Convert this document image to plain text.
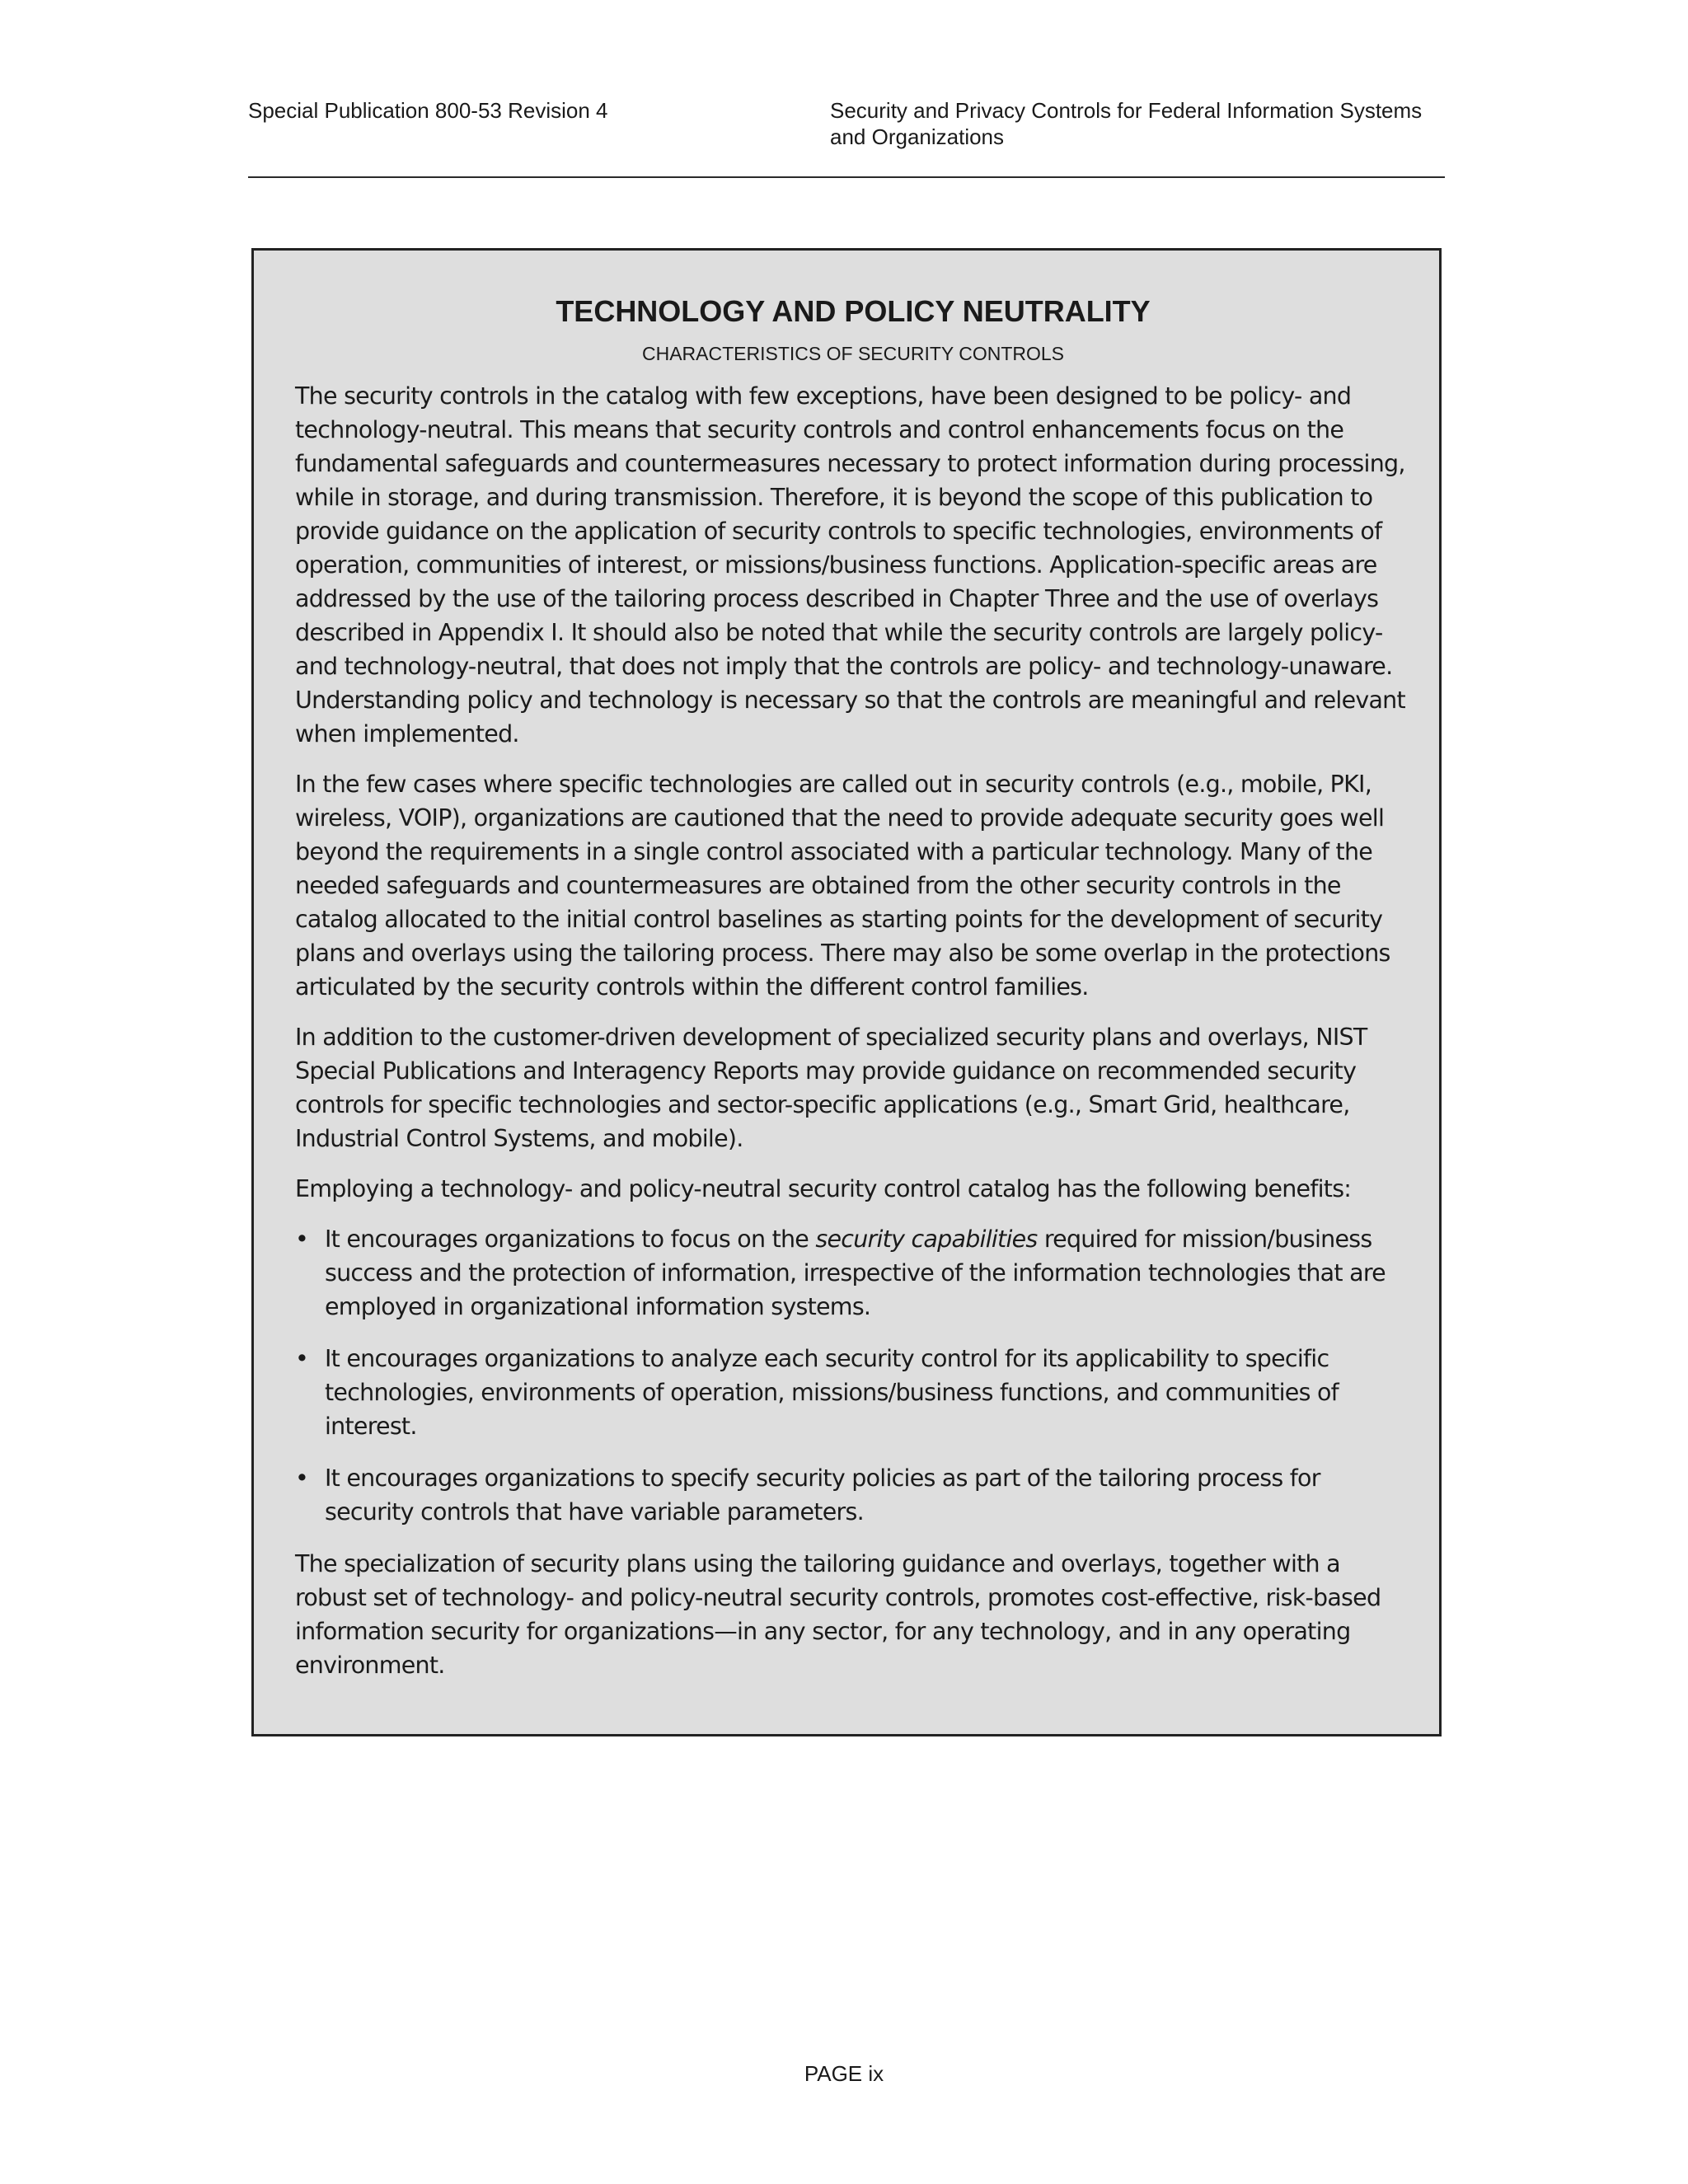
Special Publication 800-53 Revision 4	Security and Privacy Controls for Federal Information Systems and Organizations
TECHNOLOGY AND POLICY NEUTRALITY
CHARACTERISTICS OF SECURITY CONTROLS

The security controls in the catalog with few exceptions, have been designed to be policy- and technology-neutral. This means that security controls and control enhancements focus on the fundamental safeguards and countermeasures necessary to protect information during processing, while in storage, and during transmission. Therefore, it is beyond the scope of this publication to provide guidance on the application of security controls to specific technologies, environments of operation, communities of interest, or missions/business functions. Application-specific areas are addressed by the use of the tailoring process described in Chapter Three and the use of overlays described in Appendix I. It should also be noted that while the security controls are largely policy- and technology-neutral, that does not imply that the controls are policy- and technology-unaware. Understanding policy and technology is necessary so that the controls are meaningful and relevant when implemented.

In the few cases where specific technologies are called out in security controls (e.g., mobile, PKI, wireless, VOIP), organizations are cautioned that the need to provide adequate security goes well beyond the requirements in a single control associated with a particular technology. Many of the needed safeguards and countermeasures are obtained from the other security controls in the catalog allocated to the initial control baselines as starting points for the development of security plans and overlays using the tailoring process. There may also be some overlap in the protections articulated by the security controls within the different control families.

In addition to the customer-driven development of specialized security plans and overlays, NIST Special Publications and Interagency Reports may provide guidance on recommended security controls for specific technologies and sector-specific applications (e.g., Smart Grid, healthcare, Industrial Control Systems, and mobile).

Employing a technology- and policy-neutral security control catalog has the following benefits:

• It encourages organizations to focus on the security capabilities required for mission/business success and the protection of information, irrespective of the information technologies that are employed in organizational information systems.
• It encourages organizations to analyze each security control for its applicability to specific technologies, environments of operation, missions/business functions, and communities of interest.
• It encourages organizations to specify security policies as part of the tailoring process for security controls that have variable parameters.

The specialization of security plans using the tailoring guidance and overlays, together with a robust set of technology- and policy-neutral security controls, promotes cost-effective, risk-based information security for organizations—in any sector, for any technology, and in any operating environment.

PAGE ix
